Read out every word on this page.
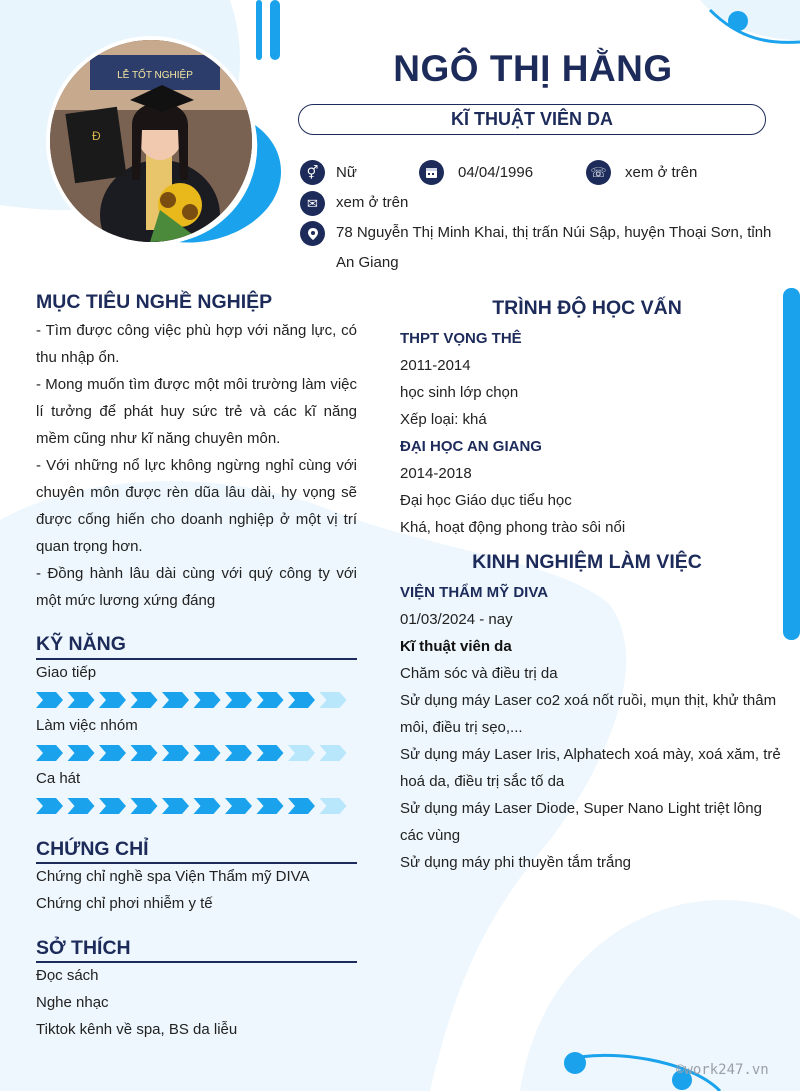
LỄ TỐT NGHIỆP
Đ
NGÔ THỊ HẰNG
KĨ THUẬT VIÊN DA
⚥	Nữ	04/04/1996	☏ xem ở trên
✉	xem ở trên
78 Nguyễn Thị Minh Khai, thị trấn Núi Sập, huyện Thoại Sơn, tỉnh
An Giang
MỤC TIÊU NGHỀ NGHIỆP

- Tìm được công việc phù hợp với năng lực, có thu nhập ổn.

- Mong muốn tìm được một môi trường làm việc lí tưởng để phát huy sức trẻ và các kĩ năng mềm cũng như kĩ năng chuyên môn.

- Với những nổ lực không ngừng nghỉ cùng với chuyên môn được rèn dũa lâu dài, hy vọng sẽ được cống hiến cho doanh nghiệp ở một vị trí quan trọng hơn.

- Đồng hành lâu dài cùng với quý công ty với một mức lương xứng đáng

KỸ NĂNG
Giao tiếp
Làm việc nhóm
Ca hát
CHỨNG CHỈ
Chứng chỉ nghề spa Viện Thẩm mỹ DIVA
Chứng chỉ phơi nhiễm y tế
SỞ THÍCH
Đọc sách
Nghe nhạc
Tiktok kênh về spa, BS da liễu
TRÌNH ĐỘ HỌC VẤN
THPT VỌNG THÊ
2011-2014
học sinh lớp chọn
Xếp loại: khá
ĐẠI HỌC AN GIANG
2014-2018
Đại học Giáo dục tiểu học
Khá, hoạt động phong trào sôi nổi
KINH NGHIỆM LÀM VIỆC
VIỆN THẨM MỸ DIVA
01/03/2024 - nay
Kĩ thuật viên da
Chăm sóc và điều trị da
Sử dụng máy Laser co2 xoá nốt ruồi, mụn thịt, khử thâm
môi, điều trị sẹo,...
Sử dụng máy Laser Iris, Alphatech xoá mày, xoá xăm, trẻ
hoá da, điều trị sắc tố da
Sử dụng máy Laser Diode, Super Nano Light triệt lông
các vùng
Sử dụng máy phi thuyền tắm trắng
©work247.vn
